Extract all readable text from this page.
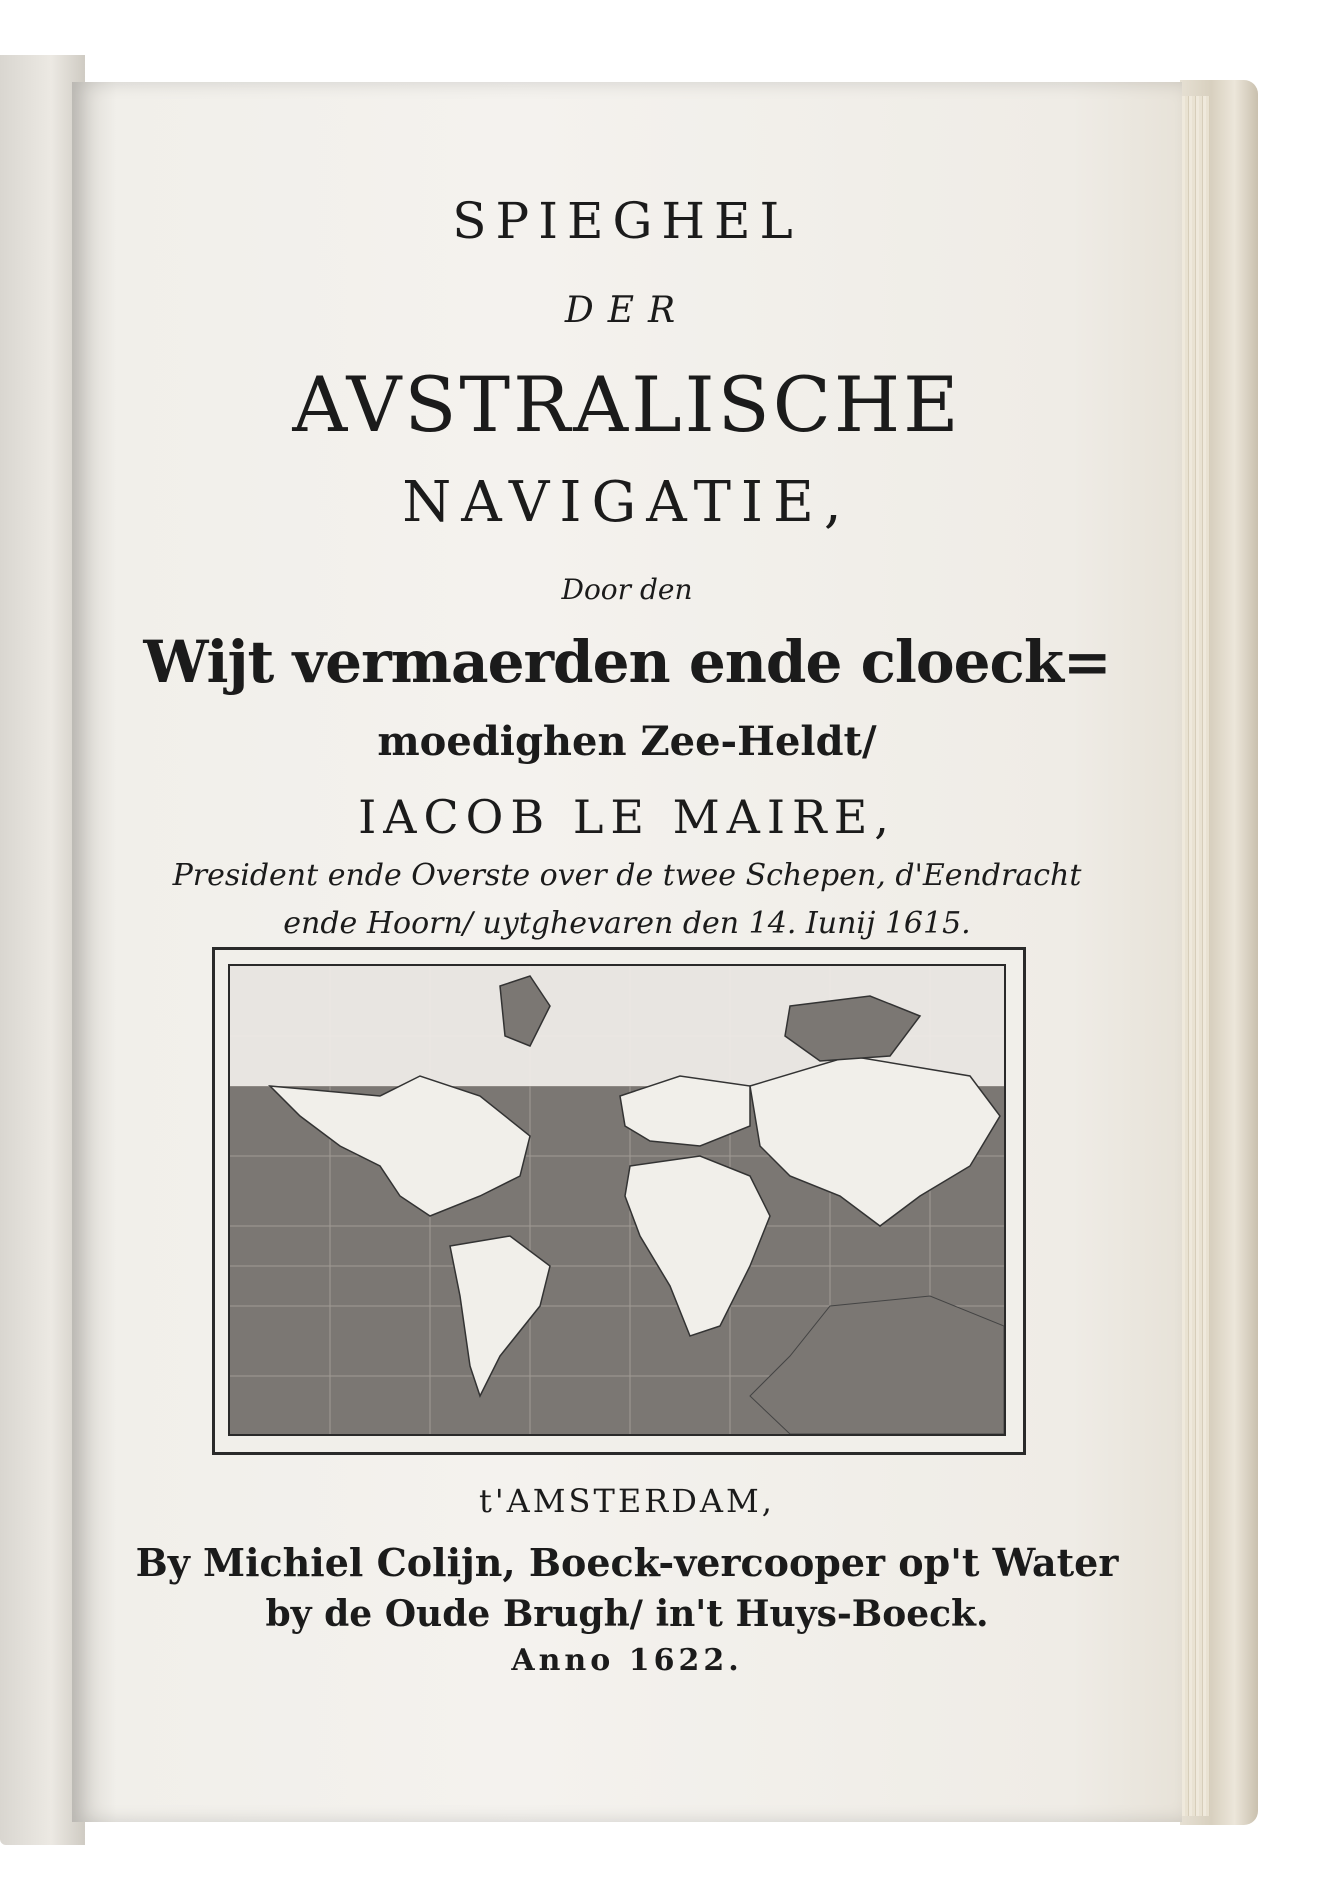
SPIEGHEL
DER
AVSTRALISCHE
NAVIGATIE,
Door den
Wijt vermaerden ende cloeck=
moedighen Zee-Heldt/
IACOB LE MAIRE,
President ende Overste over de twee Schepen, d'Eendracht
ende Hoorn/ uytghevaren den 14. Iunij 1615.
t'AMSTERDAM,
By Michiel Colijn, Boeck-vercooper op't Water
by de Oude Brugh/ in't Huys-Boeck.
Anno 1622.
